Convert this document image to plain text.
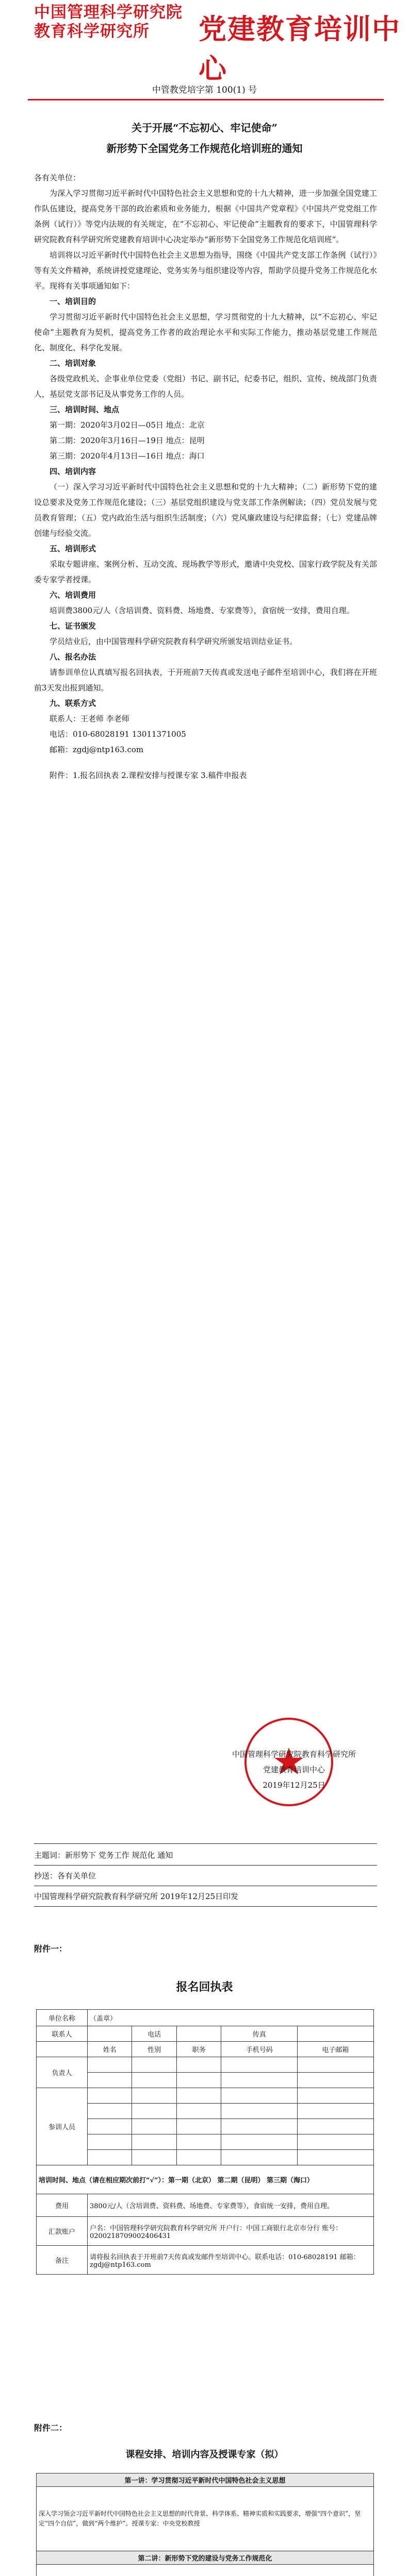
中国管理科学研究院
教育科学研究所	党建教育培训中心
中管教党培字第 100(1) 号
关于开展“不忘初心、牢记使命”
新形势下全国党务工作规范化培训班的通知
各有关单位：

为深入学习贯彻习近平新时代中国特色社会主义思想和党的十九大精神，进一步加强全国党建工作队伍建设，提高党务干部的政治素质和业务能力，根据《中国共产党章程》《中国共产党党组工作条例（试行）》等党内法规的有关规定，在“不忘初心、牢记使命”主题教育的要求下，中国管理科学研究院教育科学研究所党建教育培训中心决定举办“新形势下全国党务工作规范化培训班”。

培训将以习近平新时代中国特色社会主义思想为指导，围绕《中国共产党支部工作条例（试行）》等有关文件精神，系统讲授党建理论、党务实务与组织建设等内容，帮助学员提升党务工作规范化水平。现将有关事项通知如下：

一、培训目的

学习贯彻习近平新时代中国特色社会主义思想，学习贯彻党的十九大精神，以“不忘初心、牢记使命”主题教育为契机，提高党务工作者的政治理论水平和实际工作能力，推动基层党建工作规范化、制度化、科学化发展。

二、培训对象

各级党政机关、企事业单位党委（党组）书记、副书记，纪委书记，组织、宣传、统战部门负责人，基层党支部书记及从事党务工作的人员。

三、培训时间、地点

第一期：2020年3月02日—05日 地点：北京

第二期：2020年3月16日—19日 地点：昆明

第三期：2020年4月13日—16日 地点：海口

四、培训内容

（一）深入学习习近平新时代中国特色社会主义思想和党的十九大精神；（二）新形势下党的建设总要求及党务工作规范化建设；（三）基层党组织建设与党支部工作条例解读；（四）党员发展与党员教育管理；（五）党内政治生活与组织生活制度；（六）党风廉政建设与纪律监督；（七）党建品牌创建与经验交流。

五、培训形式

采取专题讲座、案例分析、互动交流、现场教学等形式，邀请中央党校、国家行政学院及有关部委专家学者授课。

六、培训费用

培训费3800元/人（含培训费、资料费、场地费、专家费等），食宿统一安排，费用自理。

七、证书颁发

学员结业后，由中国管理科学研究院教育科学研究所颁发培训结业证书。

八、报名办法

请参训单位认真填写报名回执表，于开班前7天传真或发送电子邮件至培训中心，我们将在开班前3天发出报到通知。

九、联系方式

联系人：王老师 李老师

电话：010-68028191 13011371005

邮箱：zgdj@ntp163.com

附件：1.报名回执表 2.课程安排与授课专家 3.稿件申报表

中国管理科学研究院教育科学研究所
党建教育培训中心
2019年12月25日
主题词：新形势下 党务工作 规范化 通知
抄送：各有关单位
中国管理科学研究院教育科学研究所 2019年12月25日印发
附件一：
报名回执表
单位名称	（盖章）				
联系人		电话		传真	
	姓名	性别	职务	手机号码	电子邮箱
负责人					

参训人员					

培训时间、地点（请在相应期次前打“√”）：第一期（北京） 第二期（昆明） 第三期（海口）					
费用	3800元/人（含培训费、资料费、场地费、专家费等），食宿统一安排，费用自理。				
汇款账户	户名：中国管理科学研究院教育科学研究所 开户行：中国工商银行北京市分行 账号：0200218709002406431				
备注	请将报名回执表于开班前7天传真或发邮件至培训中心。联系电话：010-68028191 邮箱：zgdj@ntp163.com				
附件二：
课程安排、培训内容及授课专家（拟）
第一讲：学习贯彻习近平新时代中国特色社会主义思想
深入学习领会习近平新时代中国特色社会主义思想的时代背景、科学体系、精神实质和实践要求，增强“四个意识”，坚定“四个自信”，做到“两个维护”。授课专家：中央党校教授
第二讲：新形势下党的建设与党务工作规范化
